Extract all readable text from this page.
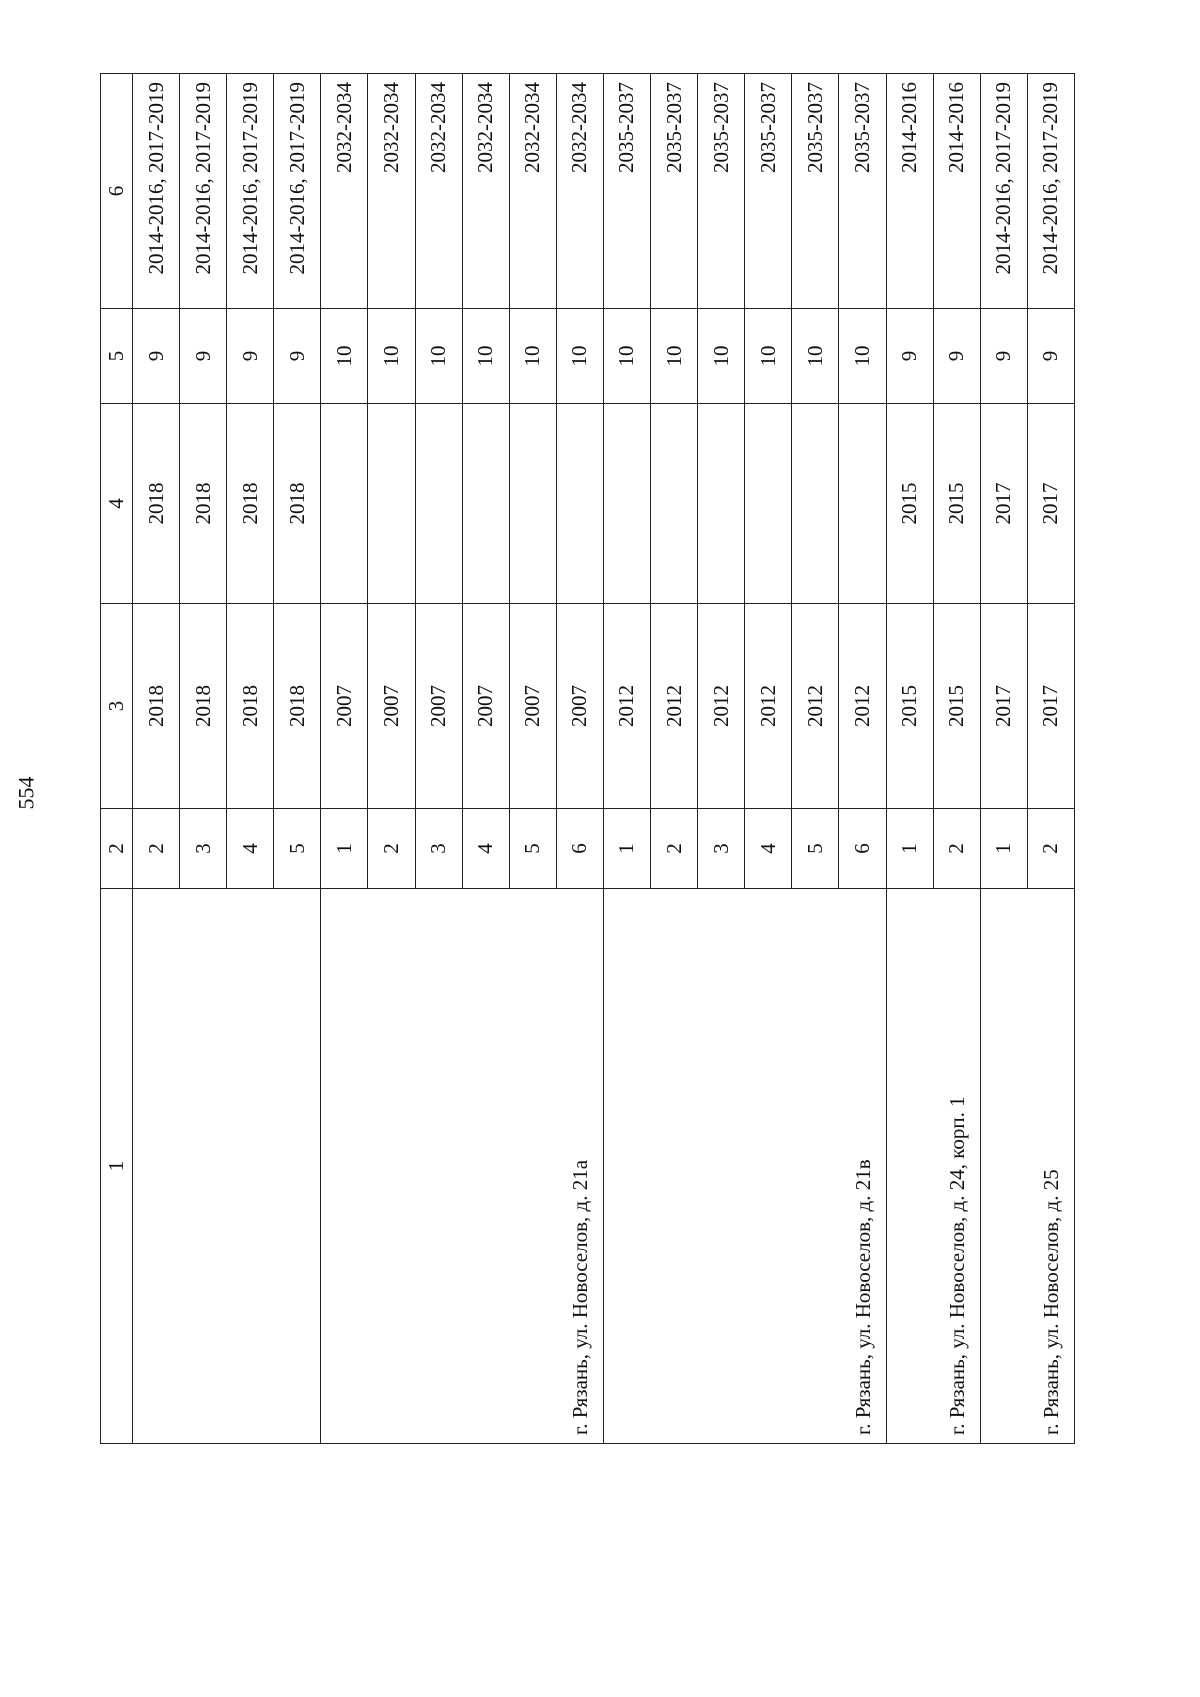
554
1	2	3	4	5	6
	2	2018	2018	9	2014-2016, 2017-2019
	3	2018	2018	9	2014-2016, 2017-2019
	4	2018	2018	9	2014-2016, 2017-2019
	5	2018	2018	9	2014-2016, 2017-2019
г. Рязань, ул. Новоселов, д. 21а	1	2007		10	2032-2034
	2	2007		10	2032-2034
	3	2007		10	2032-2034
	4	2007		10	2032-2034
	5	2007		10	2032-2034
	6	2007		10	2032-2034
г. Рязань, ул. Новоселов, д. 21в	1	2012		10	2035-2037
	2	2012		10	2035-2037
	3	2012		10	2035-2037
	4	2012		10	2035-2037
	5	2012		10	2035-2037
	6	2012		10	2035-2037
г. Рязань, ул. Новоселов, д. 24, корп. 1	1	2015	2015	9	2014-2016
	2	2015	2015	9	2014-2016
г. Рязань, ул. Новоселов, д. 25	1	2017	2017	9	2014-2016, 2017-2019
	2	2017	2017	9	2014-2016, 2017-2019
